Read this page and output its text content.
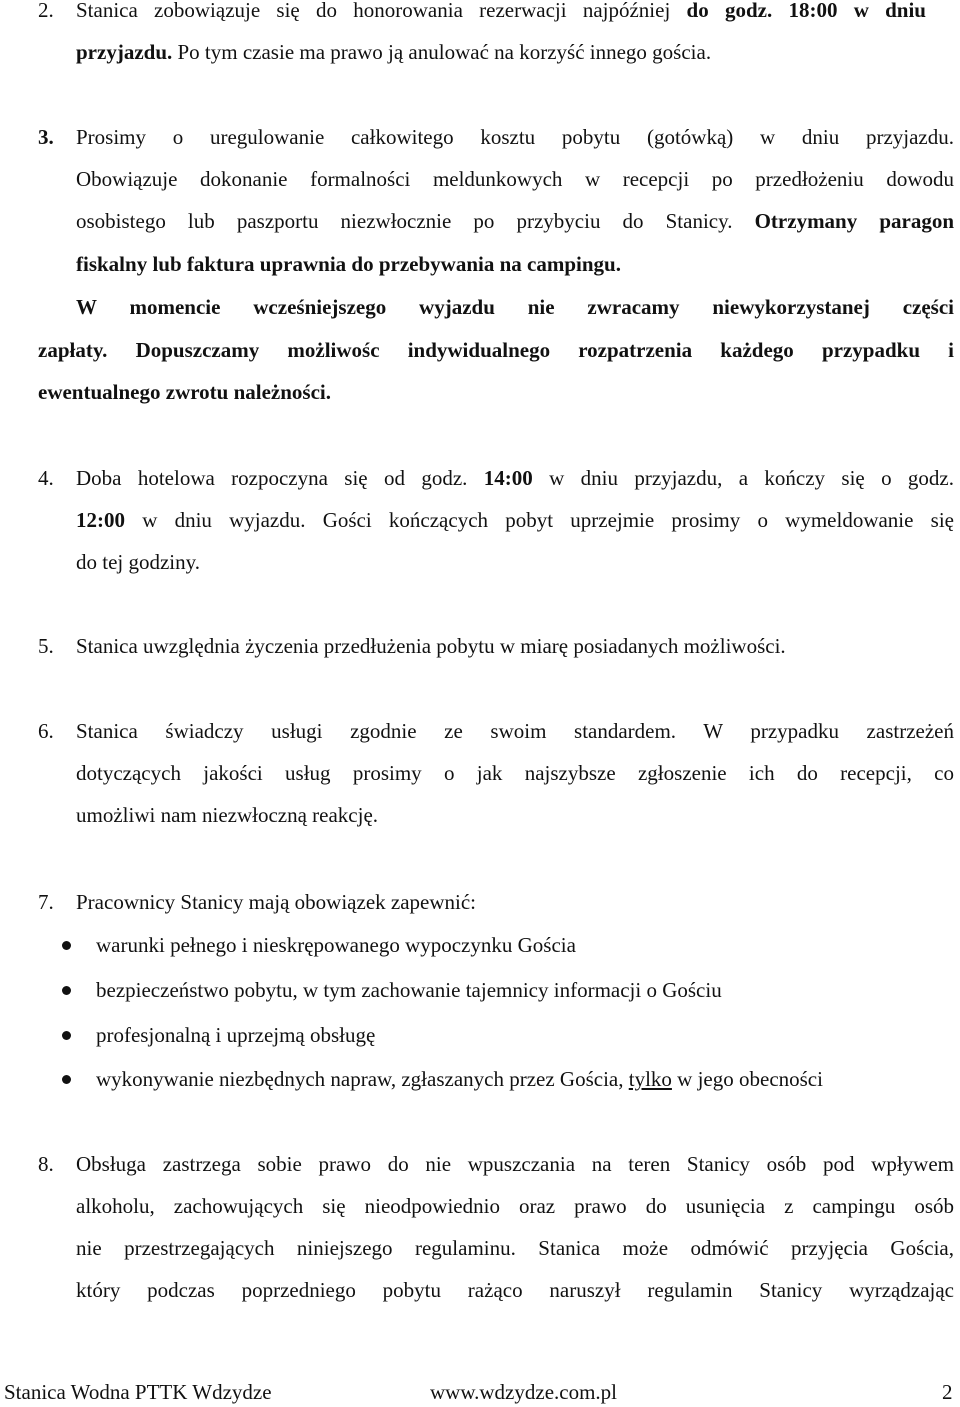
2. Stanica zobowiązuje się do honorowania rezerwacji najpóźniej do godz. 18:00 w dniu

przyjazdu. Po tym czasie ma prawo ją anulować na korzyść innego gościa.

3. Prosimy o uregulowanie całkowitego kosztu pobytu (gotówką) w dniu przyjazdu.

Obowiązuje dokonanie formalności meldunkowych w recepcji po przedłożeniu dowodu

osobistego lub paszportu niezwłocznie po przybyciu do Stanicy. Otrzymany paragon

fiskalny lub faktura uprawnia do przebywania na campingu.

W momencie wcześniejszego wyjazdu nie zwracamy niewykorzystanej części

zapłaty. Dopuszczamy możliwośc indywidualnego rozpatrzenia każdego przypadku i

ewentualnego zwrotu należności.

4. Doba hotelowa rozpoczyna się od godz. 14:00 w dniu przyjazdu, a kończy się o godz.

12:00 w dniu wyjazdu. Gości kończących pobyt uprzejmie prosimy o wymeldowanie się

do tej godziny.

5. Stanica uwzględnia życzenia przedłużenia pobytu w miarę posiadanych możliwości.

6. Stanica świadczy usługi zgodnie ze swoim standardem. W przypadku zastrzeżeń

dotyczących jakości usług prosimy o jak najszybsze zgłoszenie ich do recepcji, co

umożliwi nam niezwłoczną reakcję.

7. Pracownicy Stanicy mają obowiązek zapewnić:

warunki pełnego i nieskrępowanego wypoczynku Gościa

bezpieczeństwo pobytu, w tym zachowanie tajemnicy informacji o Gościu

profesjonalną i uprzejmą obsługę

wykonywanie niezbędnych napraw, zgłaszanych przez Gościa, tylko w jego obecności

8. Obsługa zastrzega sobie prawo do nie wpuszczania na teren Stanicy osób pod wpływem

alkoholu, zachowujących się nieodpowiednio oraz prawo do usunięcia z campingu osób

nie przestrzegających niniejszego regulaminu. Stanica może odmówić przyjęcia Gościa,

który podczas poprzedniego pobytu rażąco naruszył regulamin Stanicy wyrządzając

Stanica Wodna PTTK Wdzydze	www.wdzydze.com.pl	2
